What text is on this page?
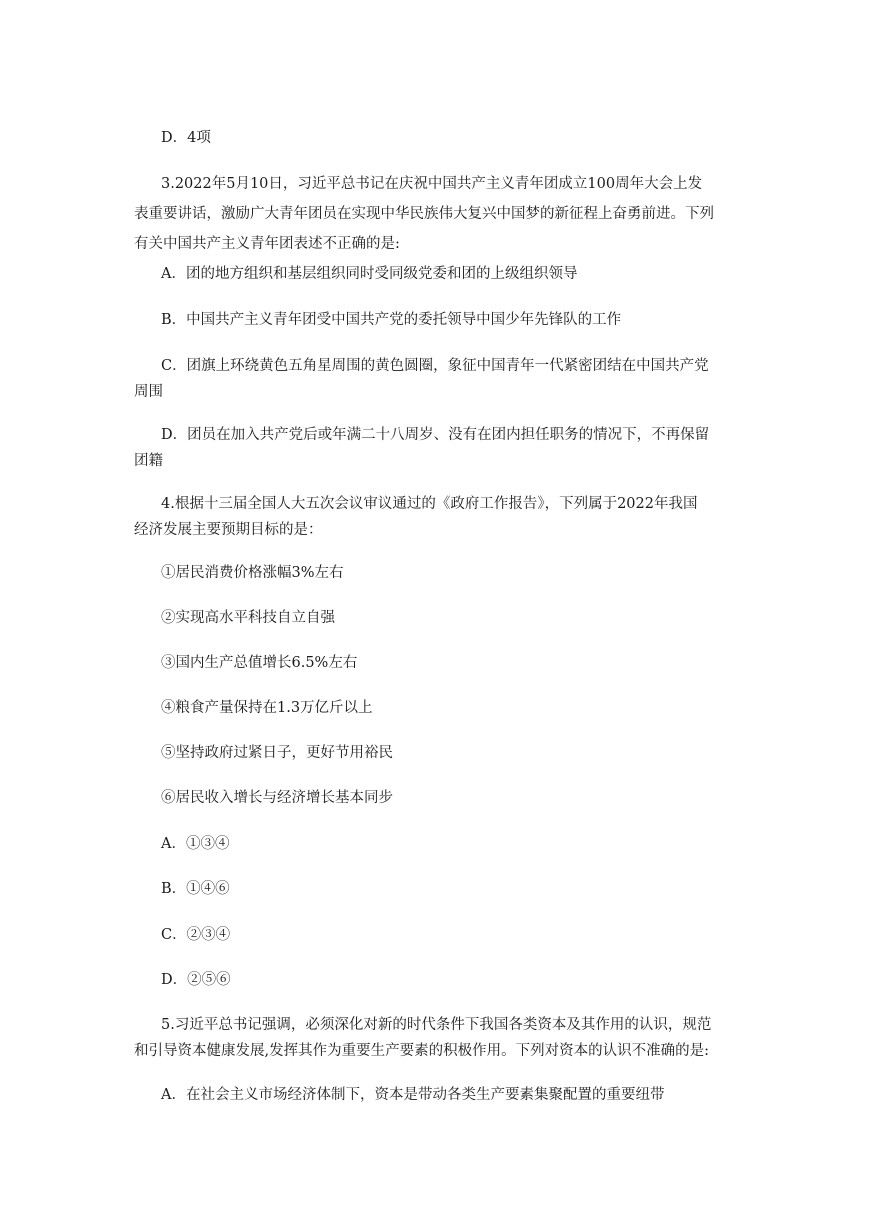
D．4项

3.2022年5月10日，习近平总书记在庆祝中国共产主义青年团成立100周年大会上发

表重要讲话，激励广大青年团员在实现中华民族伟大复兴中国梦的新征程上奋勇前进。下列

有关中国共产主义青年团表述不正确的是:

A．团的地方组织和基层组织同时受同级党委和团的上级组织领导

B．中国共产主义青年团受中国共产党的委托领导中国少年先锋队的工作

C．团旗上环绕黄色五角星周围的黄色圆圈，象征中国青年一代紧密团结在中国共产党

周围

D．团员在加入共产党后或年满二十八周岁、没有在团内担任职务的情况下，不再保留

团籍

4.根据十三届全国人大五次会议审议通过的《政府工作报告》，下列属于2022年我国

经济发展主要预期目标的是：

①居民消费价格涨幅3%左右

②实现高水平科技自立自强

③国内生产总值增长6.5%左右

④粮食产量保持在1.3万亿斤以上

⑤坚持政府过紧日子，更好节用裕民

⑥居民收入增长与经济增长基本同步

A．①③④

B．①④⑥

C．②③④

D．②⑤⑥

5.习近平总书记强调，必须深化对新的时代条件下我国各类资本及其作用的认识，规范

和引导资本健康发展,发挥其作为重要生产要素的积极作用。下列对资本的认识不准确的是:

A．在社会主义市场经济体制下，资本是带动各类生产要素集聚配置的重要纽带
